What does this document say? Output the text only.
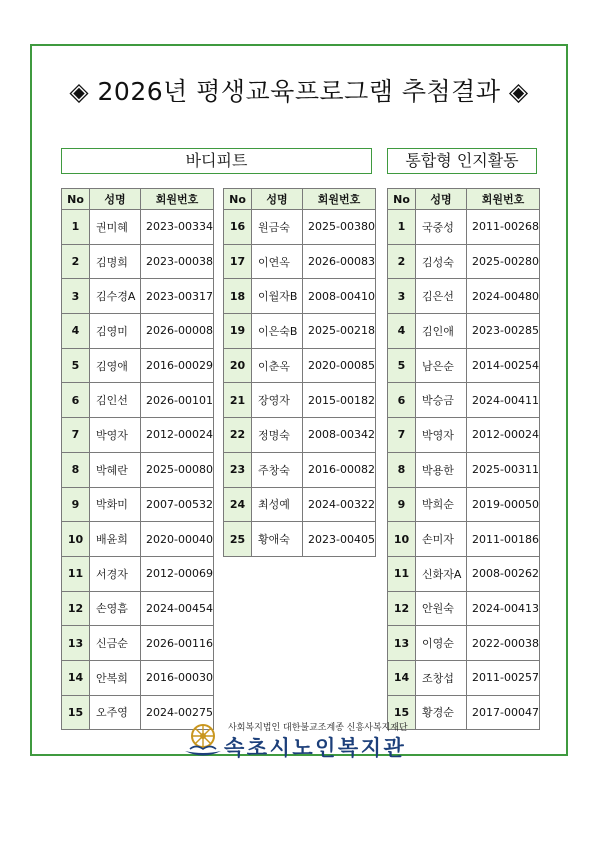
◈ 2026년 평생교육프로그램 추첨결과 ◈
바디피트	통합형 인지활동
No	성명	회원번호
1	권미혜	2023-00334
2	김명희	2023-00038
3	김수경A	2023-00317
4	김영미	2026-00008
5	김영애	2016-00029
6	김인선	2026-00101
7	박영자	2012-00024
8	박혜란	2025-00080
9	박화미	2007-00532
10	배윤희	2020-00040
11	서경자	2012-00069
12	손영흠	2024-00454
13	신금순	2026-00116
14	안복희	2016-00030
15	오주영	2024-00275
No	성명	회원번호
16	원금숙	2025-00380
17	이연옥	2026-00083
18	이월자B	2008-00410
19	이은숙B	2025-00218
20	이춘옥	2020-00085
21	장영자	2015-00182
22	정명숙	2008-00342
23	주창숙	2016-00082
24	최성예	2024-00322
25	황애숙	2023-00405
No	성명	회원번호
1	국중성	2011-00268
2	김성숙	2025-00280
3	김은선	2024-00480
4	김인애	2023-00285
5	남은순	2014-00254
6	박승금	2024-00411
7	박영자	2012-00024
8	박용한	2025-00311
9	박희순	2019-00050
10	손미자	2011-00186
11	신화자A	2008-00262
12	안원숙	2024-00413
13	이영순	2022-00038
14	조창섭	2011-00257
15	황경순	2017-00047
사회복지법인 대한불교조계종 신흥사복지재단
속초시노인복지관
